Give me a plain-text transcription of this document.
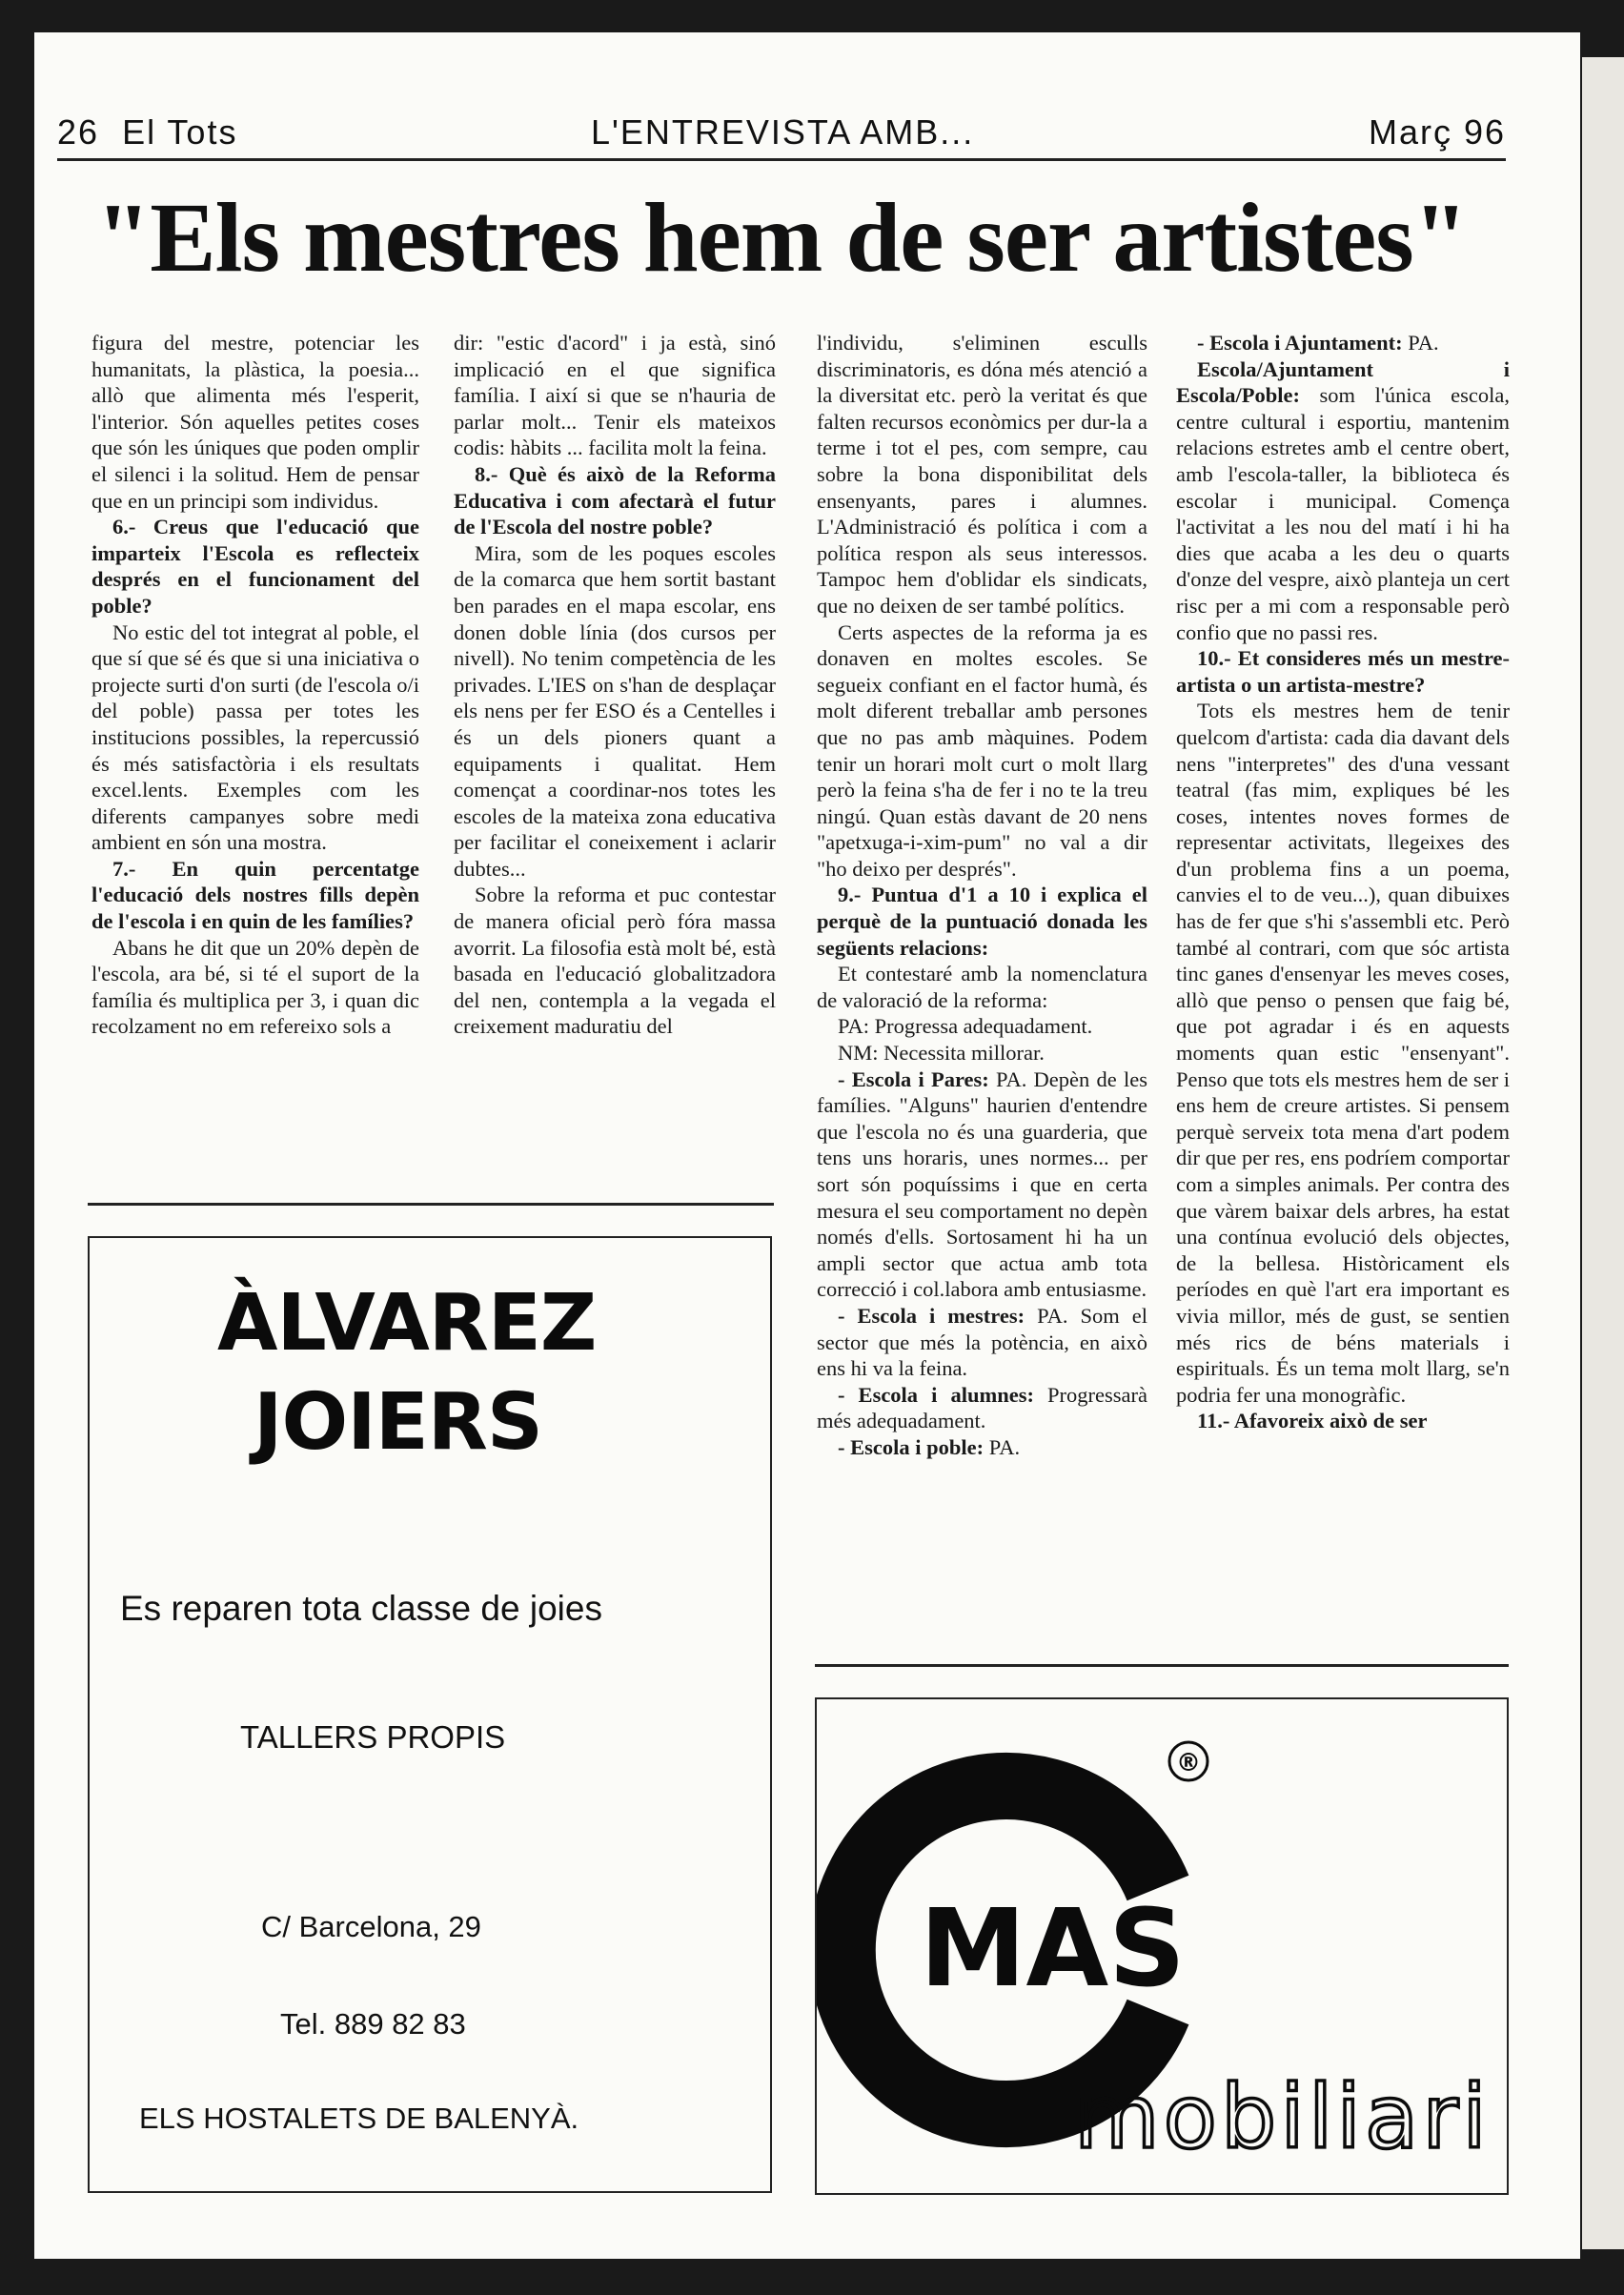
26 El Tots	L'ENTREVISTA AMB...	Març 96
"Els mestres hem de ser artistes"

figura del mestre, potenciar les humanitats, la plàstica, la poesia... allò que alimenta més l'esperit, l'interior. Són aquelles petites coses que són les úniques que poden omplir el silenci i la solitud. Hem de pensar que en un principi som individus.

6.- Creus que l'educació que imparteix l'Escola es reflecteix després en el funcionament del poble?

No estic del tot integrat al poble, el que sí que sé és que si una iniciativa o projecte surti d'on surti (de l'escola o/i del poble) passa per totes les institucions possibles, la repercussió és més satisfactòria i els resultats excel.lents. Exemples com les diferents campanyes sobre medi ambient en són una mostra.

7.- En quin percentatge l'educació dels nostres fills depèn de l'escola i en quin de les famílies?

Abans he dit que un 20% depèn de l'escola, ara bé, si té el suport de la família és multiplica per 3, i quan dic recolzament no em refereixo sols a

dir: "estic d'acord" i ja està, sinó implicació en el que significa família. I així si que se n'hauria de parlar molt... Tenir els mateixos codis: hàbits ... facilita molt la feina.

8.- Què és això de la Reforma Educativa i com afectarà el futur de l'Escola del nostre poble?

Mira, som de les poques escoles de la comarca que hem sortit bastant ben parades en el mapa escolar, ens donen doble línia (dos cursos per nivell). No tenim competència de les privades. L'IES on s'han de desplaçar els nens per fer ESO és a Centelles i és un dels pioners quant a equipaments i qualitat. Hem començat a coordinar-nos totes les escoles de la mateixa zona educativa per facilitar el coneixement i aclarir dubtes...

Sobre la reforma et puc contestar de manera oficial però fóra massa avorrit. La filosofia està molt bé, està basada en l'educació globalitzadora del nen, contempla a la vegada el creixement maduratiu del

l'individu, s'eliminen esculls discriminatoris, es dóna més atenció a la diversitat etc. però la veritat és que falten recursos econòmics per dur-la a terme i tot el pes, com sempre, cau sobre la bona disponibilitat dels ensenyants, pares i alumnes. L'Administració és política i com a política respon als seus interessos. Tampoc hem d'oblidar els sindicats, que no deixen de ser també polítics.

Certs aspectes de la reforma ja es donaven en moltes escoles. Se segueix confiant en el factor humà, és molt diferent treballar amb persones que no pas amb màquines. Podem tenir un horari molt curt o molt llarg però la feina s'ha de fer i no te la treu ningú. Quan estàs davant de 20 nens "apetxuga-i-xim-pum" no val a dir "ho deixo per després".

9.- Puntua d'1 a 10 i explica el perquè de la puntuació donada les següents relacions:

Et contestaré amb la nomenclatura de valoració de la reforma:

PA: Progressa adequadament.

NM: Necessita millorar.

- Escola i Pares: PA. Depèn de les famílies. "Alguns" haurien d'entendre que l'escola no és una guarderia, que tens uns horaris, unes normes... per sort són poquíssims i que en certa mesura el seu comportament no depèn només d'ells. Sortosament hi ha un ampli sector que actua amb tota correcció i col.labora amb entusiasme.

- Escola i mestres: PA. Som el sector que més la potència, en això ens hi va la feina.

- Escola i alumnes: Progressarà més adequadament.

- Escola i poble: PA.

- Escola i Ajuntament: PA.

Escola/Ajuntament i Escola/Poble: som l'única escola, centre cultural i esportiu, mantenim relacions estretes amb el centre obert, amb l'escola-taller, la biblioteca és escolar i municipal. Comença l'activitat a les nou del matí i hi ha dies que acaba a les deu o quarts d'onze del vespre, això planteja un cert risc per a mi com a responsable però confio que no passi res.

10.- Et consideres més un mestre-artista o un artista-mestre?

Tots els mestres hem de tenir quelcom d'artista: cada dia davant dels nens "interpretes" des d'una vessant teatral (fas mim, expliques bé les coses, intentes noves formes de representar activitats, llegeixes des d'un problema fins a un poema, canvies el to de veu...), quan dibuixes has de fer que s'hi s'assembli etc. Però també al contrari, com que sóc artista tinc ganes d'ensenyar les meves coses, allò que penso o pensen que faig bé, que pot agradar i és en aquests moments quan estic "ensenyant". Penso que tots els mestres hem de ser i ens hem de creure artistes. Si pensem perquè serveix tota mena d'art podem dir que per res, ens podríem comportar com a simples animals. Per contra des que vàrem baixar dels arbres, ha estat una contínua evolució dels objectes, de la bellesa. Històricament els períodes en què l'art era important es vivia millor, més de gust, se sentien més rics de béns materials i espirituals. És un tema molt llarg, se'n podria fer una monogràfic.

11.- Afavoreix això de ser

ÀLVAREZ
JOIERS
Es reparen tota classe de joies
TALLERS PROPIS
C/ Barcelona, 29
Tel. 889 82 83
ELS HOSTALETS DE BALENYÀ.
MAS
®
mobiliari
